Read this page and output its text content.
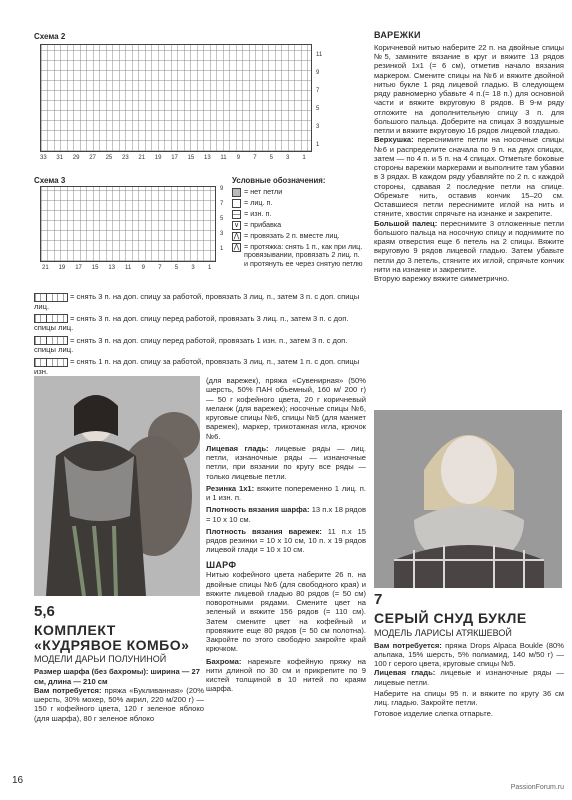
Схема 2
11
9
7
5
3
1
33 31 29 27 25 23 21 19 17 15 13 11 9 7 5 3 1
Схема 3
9
7
5
3
1
21 19 17 15 13 11 9 7 5 3 1
Условные обозначения:
= нет петли
= лиц. п.
— = изн. п.
∨ = прибавка
⋀ = провязать 2 п. вместе лиц.
⋀ = протяжка: снять 1 п., как при лиц. провязывании, провязать 2 лиц. п. и протянуть ее через снятую петлю

= снять 3 п. на доп. спицу за работой, провязать 3 лиц. п., затем 3 п. с доп. спицы лиц.

= снять 3 п. на доп. спицу перед работой, провязать 3 лиц. п., затем 3 п. с доп. спицы лиц.

= снять 3 п. на доп. спицу перед работой, провязать 1 изн. п., затем 3 п. с доп. спицы лиц.

= снять 1 п. на доп. спицу за работой, провязать 3 лиц. п., затем 1 п. с доп. спицы изн.

ВАРЕЖКИ

Коричневой нитью наберите 22 п. на двойные спицы №5, замкните вязание в круг и вяжите 13 рядов резинкой 1х1 (= 6 см), отметив начало вязания маркером. Смените спицы на №6 и вяжите двойной нитью букле 1 ряд лицевой гладью. В следующем ряду равномерно убавьте 4 п.(= 18 п.) для основной части и вяжите вкруговую 8 рядов. В 9-м ряду отложите на дополнительную спицу 3 п. для большого пальца. Доберите на спицах 3 воздушные петли и вяжите вкруговую 16 рядов лицевой гладью.

Верхушка: переснимите петли на носочные спицы №6 и распределите сначала по 9 п. на двух спицах, затем — по 4 п. и 5 п. на 4 спицах. Отметьте боковые стороны варежки маркерами и выполните там убавки в 3 рядах. В каждом ряду убавляйте по 2 п. с каждой стороны, сдвавая 2 последние петли на спице. Обрежьте нить, оставив кончик 15–20 см. Оставшиеся петли переснимите иглой на нить и стяните, хвостик спрячьте на изнанке и закрепите.

Большой палец: переснимите 3 отложенные петли большого пальца на носочную спицу и поднимите по краям отверстия еще 6 петель на 2 спицы. Вяжите вкруговую 9 рядов лицевой гладью. Затем убавьте петли до 3 петель, стяните их иглой, спрячьте кончик нити на изнанке и закрепите.

Вторую варежку вяжите симметрично.

5,6
КОМПЛЕКТ
«КУДРЯВОЕ КОМБО»
МОДЕЛИ ДАРЬИ ПОЛУНИНОЙ

Размер шарфа (без бахромы): ширина — 27 см, длина — 210 см

Вам потребуется: пряжа «Букливанная» (20% шерсть, 30% мохер, 50% акрил, 220 м/200 г) — 150 г кофейного цвета, 120 г зеленое яблоко (для шарфа), 80 г зеленое яблоко

(для варежек), пряжа «Сувенирная» (50% шерсть, 50% ПАН объемный, 160 м/ 200 г) — 50 г кофейного цвета, 20 г коричневый меланж (для варежек); носочные спицы №6, круговые спицы №6, спицы №5 (для манжет варежек), маркер, трикотажная игла, крючок №6.

Лицевая гладь: лицевые ряды — лиц. петли, изнаночные ряды — изнаночные петли, при вязании по кругу все ряды — только лицевые петли.

Резинка 1х1: вяжите попеременно 1 лиц. п. и 1 изн. п.

Плотность вязания шарфа: 13 п.х 18 рядов = 10 х 10 см.

Плотность вязания варежек: 11 п.х 15 рядов резинки = 10 х 10 см, 10 п. х 19 рядов лицевой глади = 10 х 10 см.

ШАРФ

Нитью кофейного цвета наберите 26 п. на двойные спицы №6 (для свободного края) и вяжите лицевой гладью 80 рядов (= 50 см) поворотными рядами. Смените цвет на зеленый и вяжите 156 рядов (= 110 см). Затем смените цвет на кофейный и провяжите еще 80 рядов (= 50 см полотна). Закройте по этого свободно закройте край крючком.

Бахрома: нарежьте кофейную пряжу на нити длиной по 30 см и прикрепите по 9 кистей толщиной в 10 нитей по краям шарфа.

7
СЕРЫЙ СНУД БУКЛЕ
МОДЕЛЬ ЛАРИСЫ АТЯКШЕВОЙ

Вам потребуется: пряжа Drops Alpaca Boukle (80% альпака, 15% шерсть, 5% полиамид, 140 м/50 г) — 100 г серого цвета, круговые спицы №5.

Лицевая гладь: лицевые и изнаночные ряды — лицевые петли.

Наберите на спицы 95 п. и вяжите по кругу 36 см лиц. гладью. Закройте петли.

Готовое изделие слегка отпарьте.

16
PassionForum.ru
